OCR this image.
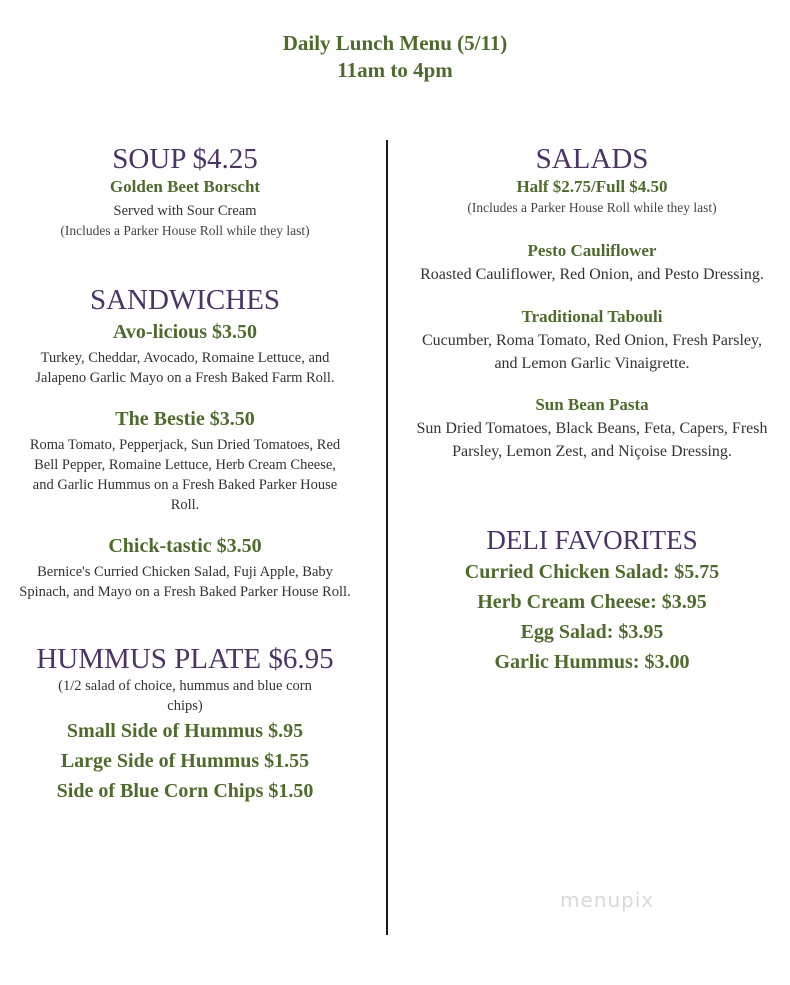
Daily Lunch Menu (5/11)
11am to 4pm
SOUP $4.25
Golden Beet Borscht
Served with Sour Cream
(Includes a Parker House Roll while they last)
SANDWICHES
Avo-licious $3.50
Turkey, Cheddar, Avocado, Romaine Lettuce, and Jalapeno Garlic Mayo on a Fresh Baked Farm Roll.
The Bestie $3.50
Roma Tomato, Pepperjack, Sun Dried Tomatoes, Red Bell Pepper, Romaine Lettuce, Herb Cream Cheese, and Garlic Hummus on a Fresh Baked Parker House Roll.
Chick-tastic $3.50
Bernice's Curried Chicken Salad, Fuji Apple, Baby Spinach, and Mayo on a Fresh Baked Parker House Roll.
HUMMUS PLATE $6.95
(1/2 salad of choice, hummus and blue corn chips)
Small Side of Hummus $.95
Large Side of Hummus $1.55
Side of Blue Corn Chips $1.50
SALADS
Half $2.75/Full $4.50
(Includes a Parker House Roll while they last)
Pesto Cauliflower
Roasted Cauliflower, Red Onion, and Pesto Dressing.
Traditional Tabouli
Cucumber, Roma Tomato, Red Onion, Fresh Parsley, and Lemon Garlic Vinaigrette.
Sun Bean Pasta
Sun Dried Tomatoes, Black Beans, Feta, Capers, Fresh Parsley, Lemon Zest, and Niçoise Dressing.
DELI FAVORITES
Curried Chicken Salad: $5.75
Herb Cream Cheese: $3.95
Egg Salad: $3.95
Garlic Hummus: $3.00
menupix
